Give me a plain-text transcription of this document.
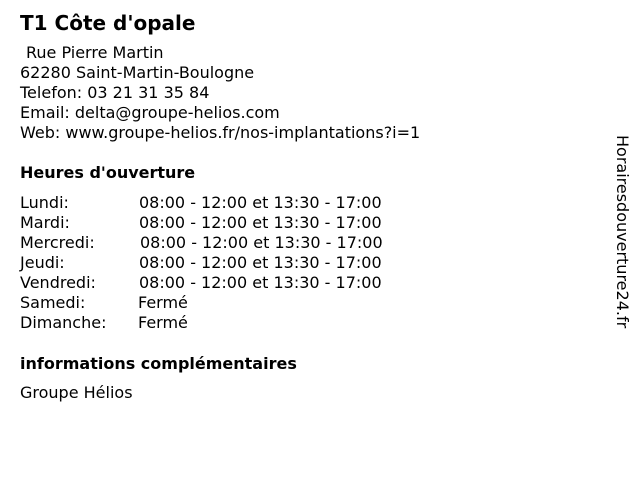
T1 Côte d'opale
Rue Pierre Martin
62280 Saint-Martin-Boulogne
Telefon: 03 21 31 35 84
Email: delta@groupe-helios.com
Web: www.groupe-helios.fr/nos-implantations?i=1
Heures d'ouverture
Lundi:	08:00 - 12:00 et 13:30 - 17:00
Mardi:	08:00 - 12:00 et 13:30 - 17:00
Mercredi:	08:00 - 12:00 et 13:30 - 17:00
Jeudi:	08:00 - 12:00 et 13:30 - 17:00
Vendredi:	08:00 - 12:00 et 13:30 - 17:00
Samedi:	Fermé
Dimanche: Fermé
informations complémentaires
Groupe Hélios
Horairesdouverture24.fr
